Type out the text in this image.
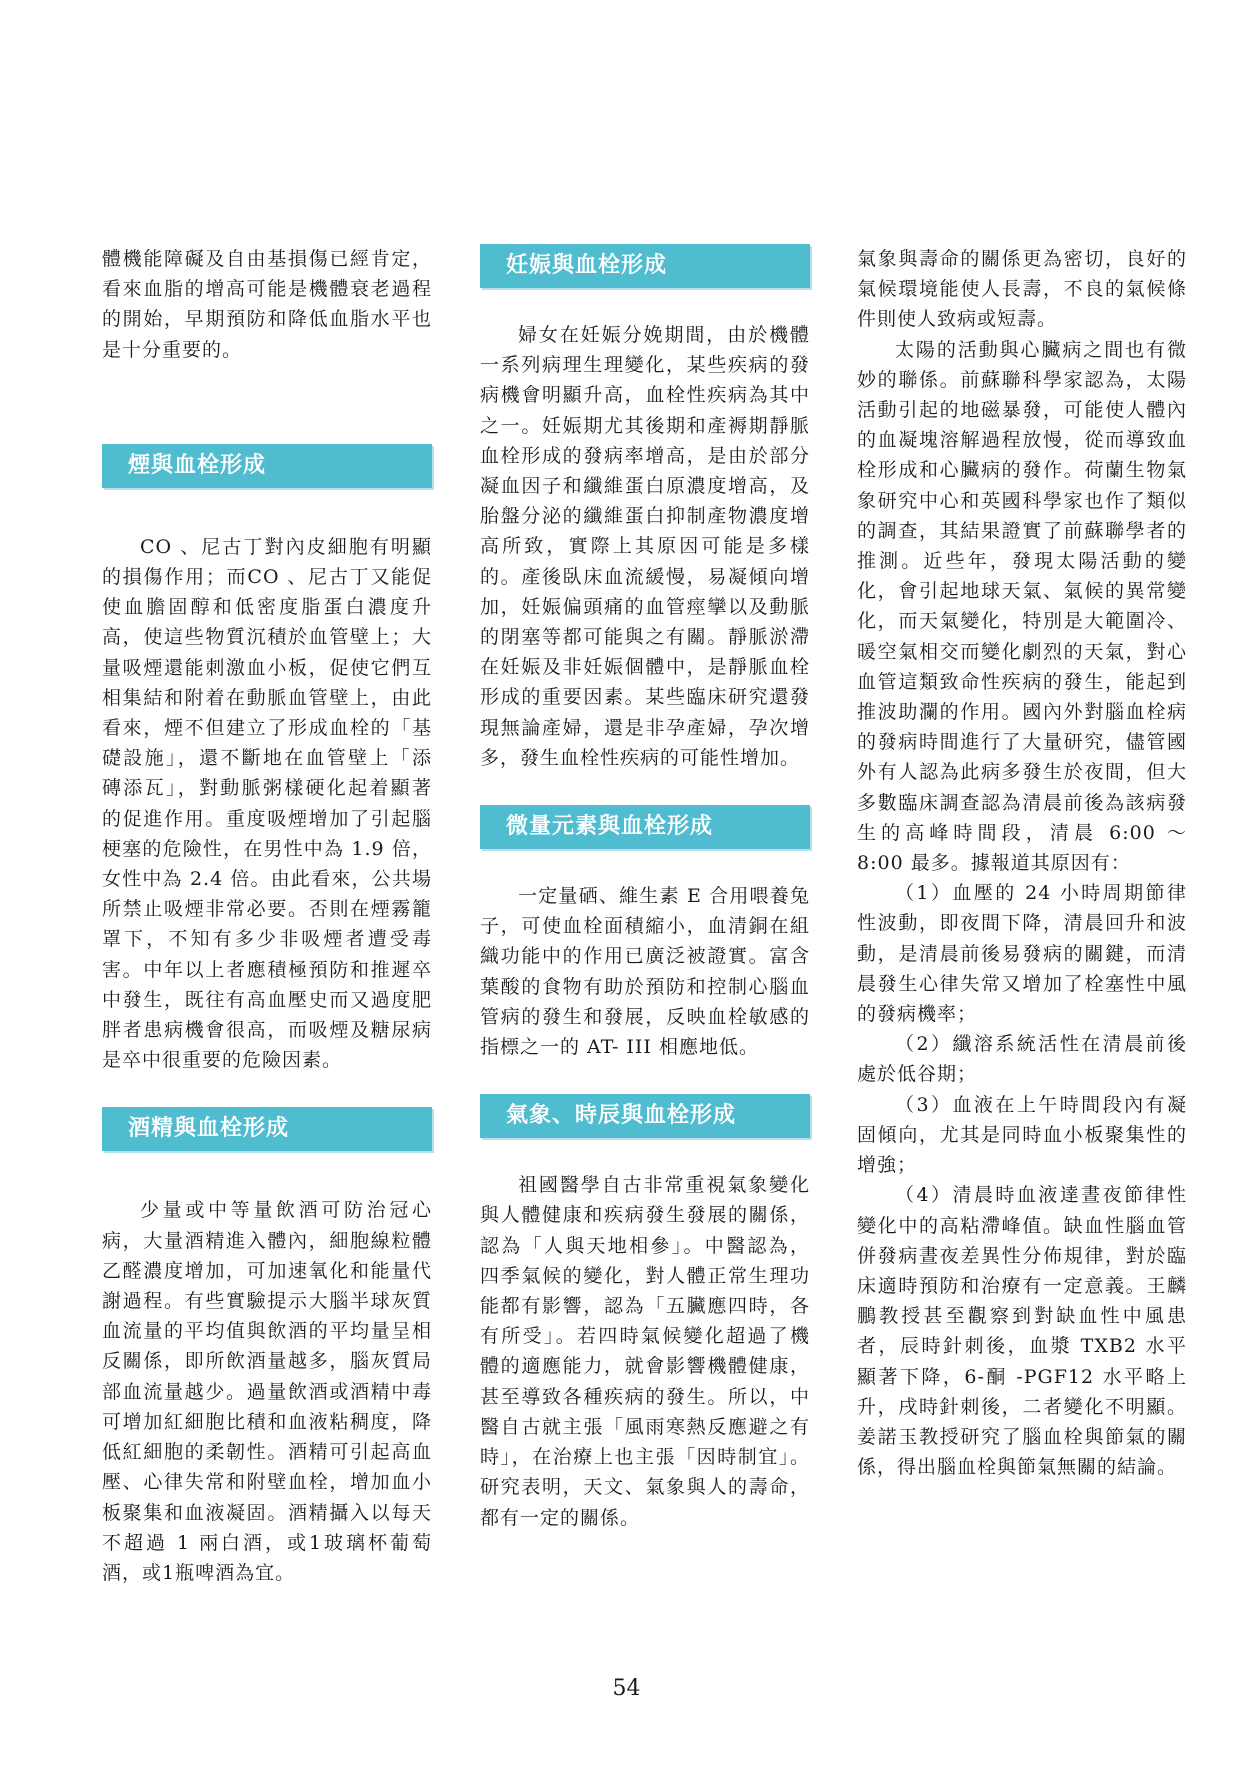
體機能障礙及自由基損傷已經肯定，看來血脂的增高可能是機體衰老過程的開始，早期預防和降低血脂水平也是十分重要的。

煙與血栓形成

CO 、尼古丁對內皮細胞有明顯的損傷作用；而CO 、尼古丁又能促使血膽固醇和低密度脂蛋白濃度升高，使這些物質沉積於血管壁上；大量吸煙還能刺激血小板，促使它們互相集結和附着在動脈血管壁上，由此看來，煙不但建立了形成血栓的「基礎設施」，還不斷地在血管壁上「添磚添瓦」，對動脈粥樣硬化起着顯著的促進作用。重度吸煙增加了引起腦梗塞的危險性，在男性中為 1.9 倍，女性中為 2.4 倍。由此看來，公共場所禁止吸煙非常必要。否則在煙霧籠罩下，不知有多少非吸煙者遭受毒害。中年以上者應積極預防和推遲卒中發生，既往有高血壓史而又過度肥胖者患病機會很高，而吸煙及糖尿病是卒中很重要的危險因素。

酒精與血栓形成

少量或中等量飲酒可防治冠心病，大量酒精進入體內，細胞線粒體乙醛濃度增加，可加速氧化和能量代謝過程。有些實驗提示大腦半球灰質血流量的平均值與飲酒的平均量呈相反關係，即所飲酒量越多，腦灰質局部血流量越少。過量飲酒或酒精中毒可增加紅細胞比積和血液粘稠度，降低紅細胞的柔韌性。酒精可引起高血壓、心律失常和附壁血栓，增加血小板聚集和血液凝固。酒精攝入以每天不超過 1 兩白酒，或1玻璃杯葡萄酒，或1瓶啤酒為宜。

妊娠與血栓形成

婦女在妊娠分娩期間，由於機體一系列病理生理變化，某些疾病的發病機會明顯升高，血栓性疾病為其中之一。妊娠期尤其後期和產褥期靜脈血栓形成的發病率增高，是由於部分凝血因子和纖維蛋白原濃度增高，及胎盤分泌的纖維蛋白抑制產物濃度增高所致，實際上其原因可能是多樣的。產後臥床血流緩慢，易凝傾向增加，妊娠偏頭痛的血管痙攣以及動脈的閉塞等都可能與之有關。靜脈淤滯在妊娠及非妊娠個體中，是靜脈血栓形成的重要因素。某些臨床研究還發現無論產婦，還是非孕產婦，孕次增多，發生血栓性疾病的可能性增加。

微量元素與血栓形成

一定量硒、維生素 E 合用喂養兔子，可使血栓面積縮小，血清銅在組織功能中的作用已廣泛被證實。富含葉酸的食物有助於預防和控制心腦血管病的發生和發展，反映血栓敏感的指標之一的 AT- III 相應地低。

氣象、時辰與血栓形成

祖國醫學自古非常重視氣象變化與人體健康和疾病發生發展的關係，認為「人與天地相參」。中醫認為，四季氣候的變化，對人體正常生理功能都有影響，認為「五臟應四時，各有所受」。若四時氣候變化超過了機體的適應能力，就會影響機體健康，甚至導致各種疾病的發生。所以，中醫自古就主張「風雨寒熱反應避之有時」，在治療上也主張「因時制宜」。研究表明，天文、氣象與人的壽命，都有一定的關係。

氣象與壽命的關係更為密切，良好的氣候環境能使人長壽，不良的氣候條件則使人致病或短壽。

太陽的活動與心臟病之間也有微妙的聯係。前蘇聯科學家認為，太陽活動引起的地磁暴發，可能使人體內的血凝塊溶解過程放慢，從而導致血栓形成和心臟病的發作。荷蘭生物氣象研究中心和英國科學家也作了類似的調查，其結果證實了前蘇聯學者的推測。近些年，發現太陽活動的變化，會引起地球天氣、氣候的異常變化，而天氣變化，特別是大範圍冷、暖空氣相交而變化劇烈的天氣，對心血管這類致命性疾病的發生，能起到推波助瀾的作用。國內外對腦血栓病的發病時間進行了大量研究，儘管國外有人認為此病多發生於夜間，但大多數臨床調查認為清晨前後為該病發生的高峰時間段，清晨 6:00 ～ 8:00 最多。據報道其原因有：

（1）血壓的 24 小時周期節律性波動，即夜間下降，清晨回升和波動，是清晨前後易發病的關鍵，而清晨發生心律失常又增加了栓塞性中風的發病機率；

（2）纖溶系統活性在清晨前後處於低谷期；

（3）血液在上午時間段內有凝固傾向，尤其是同時血小板聚集性的增強；

（4）清晨時血液達晝夜節律性變化中的高粘滯峰值。缺血性腦血管併發病晝夜差異性分佈規律，對於臨床適時預防和治療有一定意義。王麟鵬教授甚至觀察到對缺血性中風患者，辰時針刺後，血漿 TXB2 水平顯著下降，6-酮 -PGF12 水平略上升，戌時針刺後，二者變化不明顯。姜諾玉教授研究了腦血栓與節氣的關係，得出腦血栓與節氣無關的結論。

54
